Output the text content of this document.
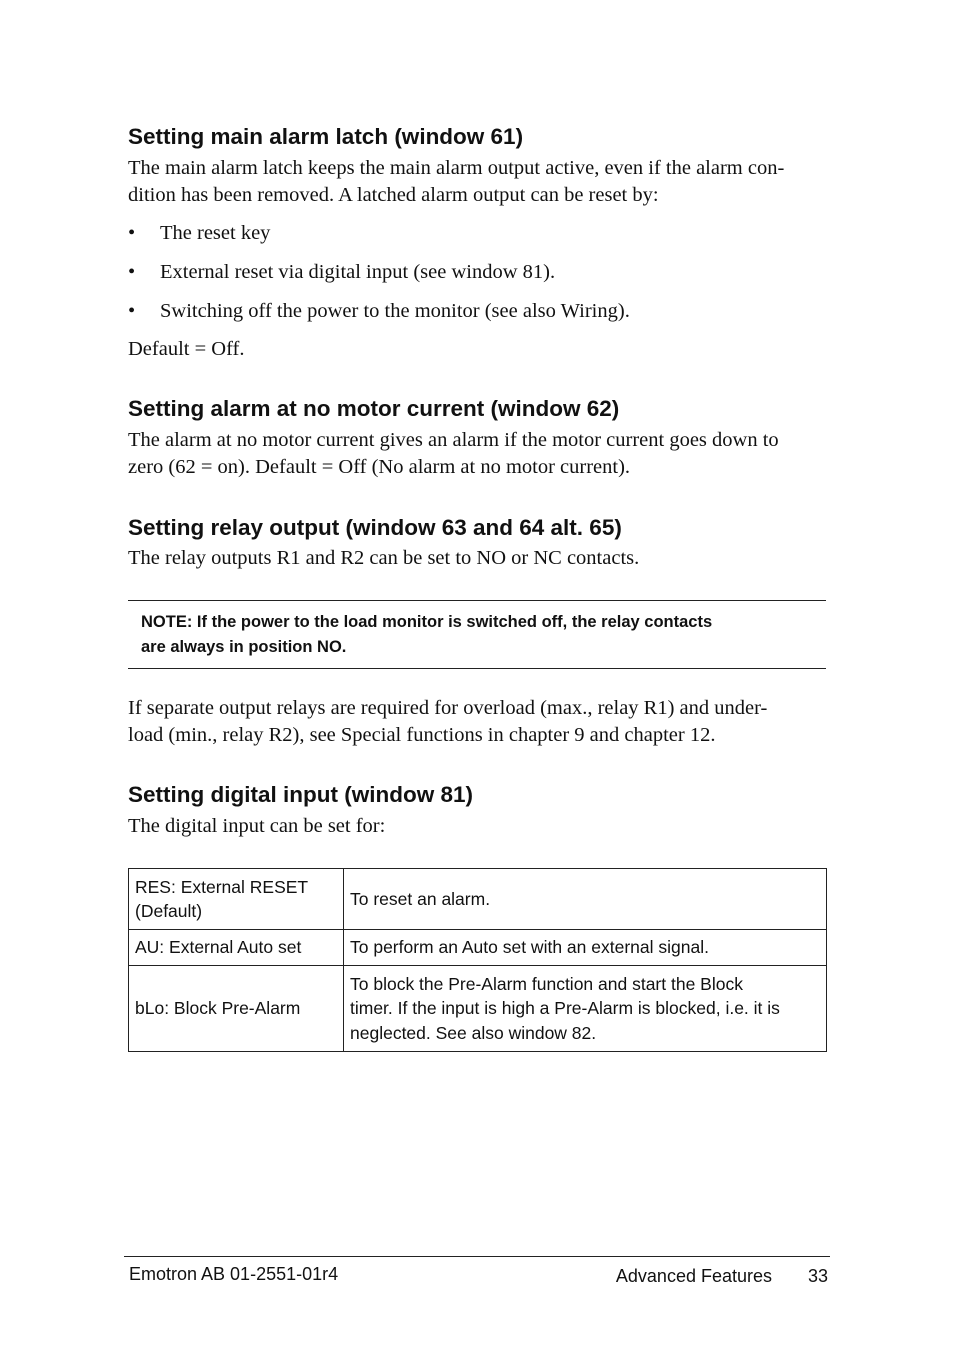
Setting main alarm latch (window 61)

The main alarm latch keeps the main alarm output active, even if the alarm con-

dition has been removed. A latched alarm output can be reset by:

• The reset key
• External reset via digital input (see window 81).
• Switching off the power to the monitor (see also Wiring).

Default = Off.

Setting alarm at no motor current (window 62)

The alarm at no motor current gives an alarm if the motor current goes down to

zero (62 = on). Default = Off (No alarm at no motor current).

Setting relay output (window 63 and 64 alt. 65)

The relay outputs R1 and R2 can be set to NO or NC contacts.

NOTE: If the power to the load monitor is switched off, the relay contacts

are always in position NO.

If separate output relays are required for overload (max., relay R1) and under-

load (min., relay R2), see Special functions in chapter 9 and chapter 12.

Setting digital input (window 81)

The digital input can be set for:

RES: External RESET
(Default)	To reset an alarm.

AU: External Auto set	To perform an Auto set with an external signal.

bLo: Block Pre-Alarm	To block the Pre-Alarm function and start the Block
timer. If the input is high a Pre-Alarm is blocked, i.e. it is
neglected. See also window 82.
Emotron AB 01-2551-01r4	Advanced Features 33
